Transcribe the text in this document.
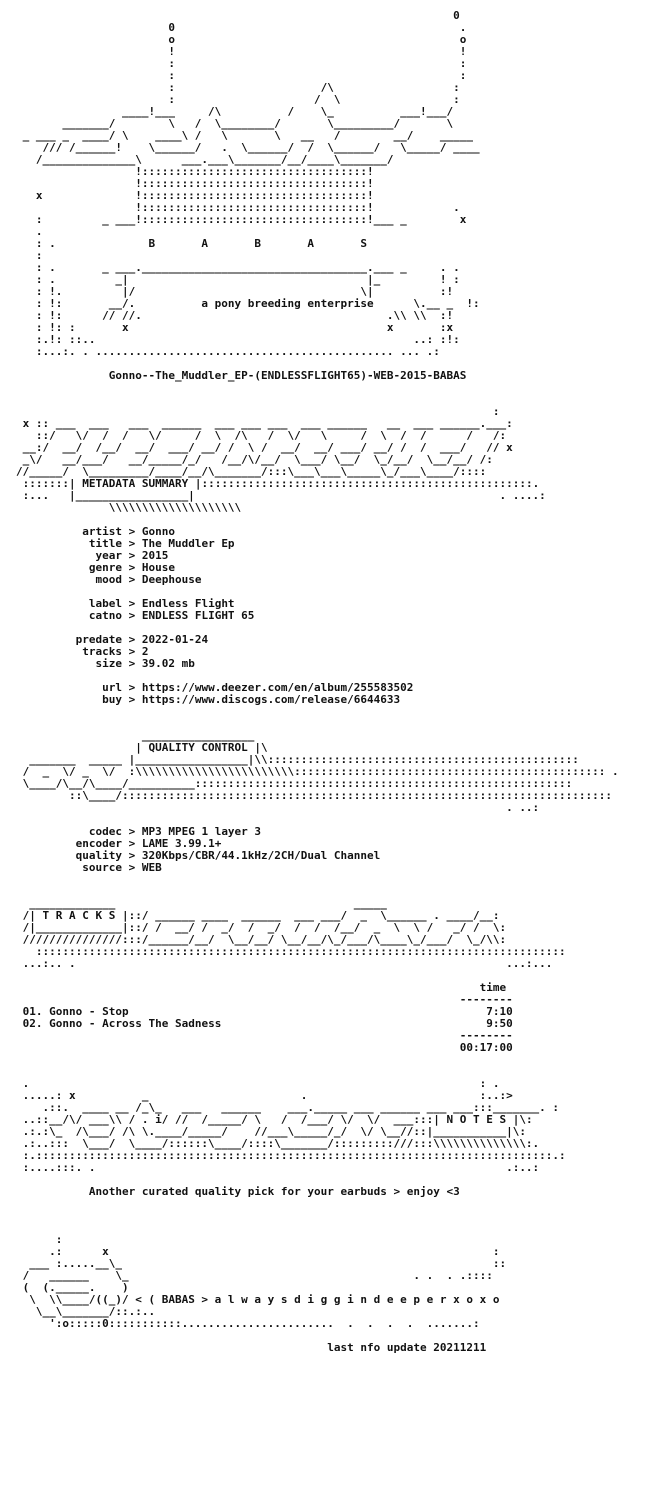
0
0                                           .
o                                           o
!                                           !
:                                           :
:                                           :
:                      /\                  :
:                     /  \                 :
____!___     /\          /    \_          ___!___/
_______/        \   /  \________/       \_________/       \
_ ___ _  ____/ \    ____\ /   \       \   __   /        __/    _____
/// /______!    \______/   .  \______/  /  \______/   \_____/ ____
/______________\      ___.___\_______/__/____\_______/
!::::::::::::::::::::::::::::::::::!
!::::::::::::::::::::::::::::::::::!
x              !::::::::::::::::::::::::::::::::::!
!::::::::::::::::::::::::::::::::::!            .
:         _ ___!::::::::::::::::::::::::::::::::::!___ _        x
.
: .              B       A       B       A       S
:
: .       _ ___.__________________________________.___ _     . .
: .         _|                                    |_         ! :
: !.         |/                                  \|          :!
: !:       __/.          a pony breeding enterprise      \.__ _  !:
: !:      // //.                                     .\\ \\  :!
: !: :       x                                       x       :x
:.!: ::..                                                ..: :!:
:...:. . ............................................. ... .:

Gonno--The_Muddler_EP-(ENDLESSFLIGHT65)-WEB-2015-BABAS

:
x :: ___  ___   ___  ______  ___ ___ ___  ___ ______   __  ___ ______.___:
::/   \/  /  /   \/     /  \  /\   /  \/   \     /  \  /  /      /   /:
__:/  __/  /__/  __/  ___/ __/ /  \ /  __/  __/ ___/ __/ /  /  ___/   // x
_\/   __/___/   __/_____/_/   /__/\/__/  \___/ \__/  \_/__/  \__/__/ /:
//_____/  \_________/____/__/\_______/:::\___\___\_____\_/___\____/::::
:::::::| METADATA SUMMARY |::::::::::::::::::::::::::::::::::::::::::::::::::.
:...   |_________________|                                              . ....:
\\\\\\\\\\\\\\\\\\\\

artist > Gonno
title > The Muddler Ep
year > 2015
genre > House
mood > Deephouse

label > Endless Flight
catno > ENDLESS FLIGHT 65

predate > 2022-01-24
tracks > 2
size > 39.02 mb

url > https://www.deezer.com/en/album/255583502
buy > https://www.discogs.com/release/6644633

_________________
| QUALITY CONTROL |\
_______  _____ |_________________|\\:::::::::::::::::::::::::::::::::::::::::::::::
/  _  \/ _  \/  :\\\\\\\\\\\\\\\\\\\\\\\\::::::::::::::::::::::::::::::::::::::::::::::: .
\____/\__/\____/__________:::::::::::::::::::::::::::::::::::::::::::::::::::::::::
::\____/::::::::::::::::::::::::::::::::::::::::::::::::::::::::::::::::::::::::::
. ..:

codec > MP3 MPEG 1 layer 3
encoder > LAME 3.99.1+
quality > 320Kbps/CBR/44.1kHz/2CH/Dual Channel
source > WEB

_____________                                    _____
/| T R A C K S |::/ ______ ____  ______  ___ ___/  _  \______ . ____/__:
/|_____________|::/ /  __/ /  _/  /  _/  /  /  /__/  _  \  \ /   _/ /  \:
///////////////:::/______/__/  \__/__/ \__/__/\_/___/\____\_/___/  \_/\\:
::::::::::::::::::::::::::::::::::::::::::::::::::::::::::::::::::::::::::::::::
...:.. .                                                                 ...:...

time
--------
01. Gonno - Stop                                                      7:10
02. Gonno - Across The Sadness                                        9:50
--------
00:17:00

.                                                                    : .
.....: x          _                       .                          :..:>
.::.  ____ __ /_\_   ___   ______    ___._____ ___ ______ ___ ___:::_______. :
..::__/\/ ___\\ / . i/ //  /_____/ \   /  /___/ \/  \/  ___:::| N O T E S |\:
.:.:\_  /\___/ /\ \.____/_____/    //___\_____/_/  \/ \__//::|___________|\:
.:..:::  \___/  \____/::::::\____/::::\_______/:::::::::///:::\\\\\\\\\\\\\\:.
:.::::::::::::::::::::::::::::::::::::::::::::::::::::::::::::::::::::::::::::::.:
:....:::. .                                                              .:..:

Another curated quality pick for your earbuds > enjoy <3

:
.:      x                                                          :
___ :.....__\_                                                        ::
/   ______    \_                                           . .  . .::::
(  (._____.    )
\  \\____/((_)/ < ( BABAS > a l w a y s d i g g i n d e e p e r x o x o
\__\_______/::.:..
':o:::::0:::::::::::.......................  .  .  .  .  .......:

last nfo update 20211211
